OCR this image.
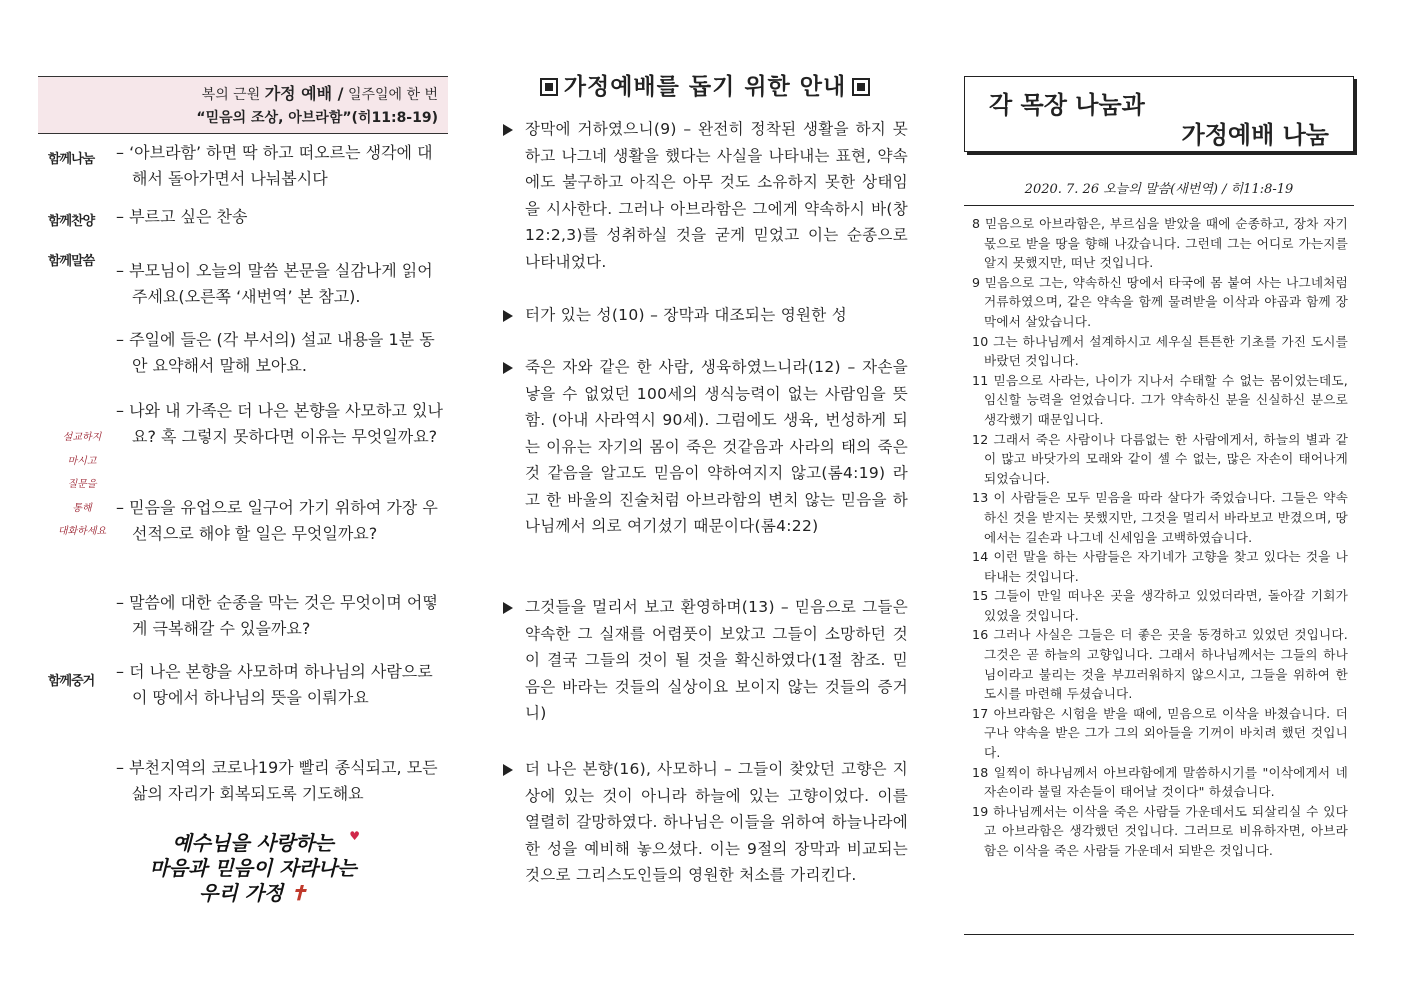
복의 근원 가정 예배 / 일주일에 한 번
“믿음의 조상, 아브라함”(히11:8-19)
함께나눔 – ‘아브라함’ 하면 딱 하고 떠오르는 생각에 대해서 돌아가면서 나눠봅시다
함께찬양 – 부르고 싶은 찬송
함께말씀 – 부모님이 오늘의 말씀 본문을 실감나게 읽어주세요(오른쪽 ‘새번역’ 본 참고).
– 주일에 들은 (각 부서의) 설교 내용을 1분 동안 요약해서 말해 보아요.
– 나와 내 가족은 더 나은 본향을 사모하고 있나요? 혹 그렇지 못하다면 이유는 무엇일까요?
– 믿음을 유업으로 일구어 가기 위하여 가장 우선적으로 해야 할 일은 무엇일까요?
– 말씀에 대한 순종을 막는 것은 무엇이며 어떻게 극복해갈 수 있을까요?
설교하지
마시고
질문을
통해
대화하세요
함께중거
– 더 나은 본향을 사모하며 하나님의 사람으로 이 땅에서 하나님의 뜻을 이뤄가요
– 부천지역의 코로나19가 빨리 종식되고, 모든 삶의 자리가 회복되도록 기도해요
♥
예수님을 사랑하는
마음과 믿음이 자라나는
우리 가정 ✝
가정예배를 돕기 위한 안내
장막에 거하였으니(9) – 완전히 정착된 생활을 하지 못하고 나그네 생활을 했다는 사실을 나타내는 표현, 약속에도 불구하고 아직은 아무 것도 소유하지 못한 상태임을 시사한다. 그러나 아브라함은 그에게 약속하시 바(창12:2,3)를 성취하실 것을 굳게 믿었고 이는 순종으로 나타내었다.
터가 있는 성(10) – 장막과 대조되는 영원한 성
죽은 자와 같은 한 사람, 생육하였느니라(12) – 자손을 낳을 수 없었던 100세의 생식능력이 없는 사람임을 뜻함. (아내 사라역시 90세). 그럼에도 생육, 번성하게 되는 이유는 자기의 몸이 죽은 것같음과 사라의 태의 죽은 것 같음을 알고도 믿음이 약하여지지 않고(롬4:19) 라고 한 바울의 진술처럼 아브라함의 변치 않는 믿음을 하나님께서 의로 여기셨기 때문이다(롬4:22)
그것들을 멀리서 보고 환영하며(13) – 믿음으로 그들은 약속한 그 실재를 어렴풋이 보았고 그들이 소망하던 것이 결국 그들의 것이 될 것을 확신하였다(1절 참조. 믿음은 바라는 것들의 실상이요 보이지 않는 것들의 증거니)
더 나은 본향(16), 사모하니 – 그들이 찾았던 고향은 지상에 있는 것이 아니라 하늘에 있는 고향이었다. 이를 열렬히 갈망하였다. 하나님은 이들을 위하여 하늘나라에 한 성을 예비해 놓으셨다. 이는 9절의 장막과 비교되는 것으로 그리스도인들의 영원한 처소를 가리킨다.
각 목장 나눔과
가정예배 나눔
2020. 7. 26 오늘의 말씀(새번역) / 히11:8-19

8 믿음으로 아브라함은, 부르심을 받았을 때에 순종하고, 장차 자기 몫으로 받을 땅을 향해 나갔습니다. 그런데 그는 어디로 가는지를 알지 못했지만, 떠난 것입니다.

9 믿음으로 그는, 약속하신 땅에서 타국에 몸 붙여 사는 나그네처럼 거류하였으며, 같은 약속을 함께 물려받을 이삭과 야곱과 함께 장막에서 살았습니다.

10 그는 하나님께서 설계하시고 세우실 튼튼한 기초를 가진 도시를 바랐던 것입니다.

11 믿음으로 사라는, 나이가 지나서 수태할 수 없는 몸이었는데도, 임신할 능력을 얻었습니다. 그가 약속하신 분을 신실하신 분으로 생각했기 때문입니다.

12 그래서 죽은 사람이나 다름없는 한 사람에게서, 하늘의 별과 같이 많고 바닷가의 모래와 같이 셀 수 없는, 많은 자손이 태어나게 되었습니다.

13 이 사람들은 모두 믿음을 따라 살다가 죽었습니다. 그들은 약속하신 것을 받지는 못했지만, 그것을 멀리서 바라보고 반겼으며, 땅에서는 길손과 나그네 신세임을 고백하였습니다.

14 이런 말을 하는 사람들은 자기네가 고향을 찾고 있다는 것을 나타내는 것입니다.

15 그들이 만일 떠나온 곳을 생각하고 있었더라면, 돌아갈 기회가 있었을 것입니다.

16 그러나 사실은 그들은 더 좋은 곳을 동경하고 있었던 것입니다. 그것은 곧 하늘의 고향입니다. 그래서 하나님께서는 그들의 하나님이라고 불리는 것을 부끄러워하지 않으시고, 그들을 위하여 한 도시를 마련해 두셨습니다.

17 아브라함은 시험을 받을 때에, 믿음으로 이삭을 바쳤습니다. 더구나 약속을 받은 그가 그의 외아들을 기꺼이 바치려 했던 것입니다.

18 일찍이 하나님께서 아브라함에게 말씀하시기를 "이삭에게서 네 자손이라 불릴 자손들이 태어날 것이다" 하셨습니다.

19 하나님께서는 이삭을 죽은 사람들 가운데서도 되살리실 수 있다고 아브라함은 생각했던 것입니다. 그러므로 비유하자면, 아브라함은 이삭을 죽은 사람들 가운데서 되받은 것입니다.
